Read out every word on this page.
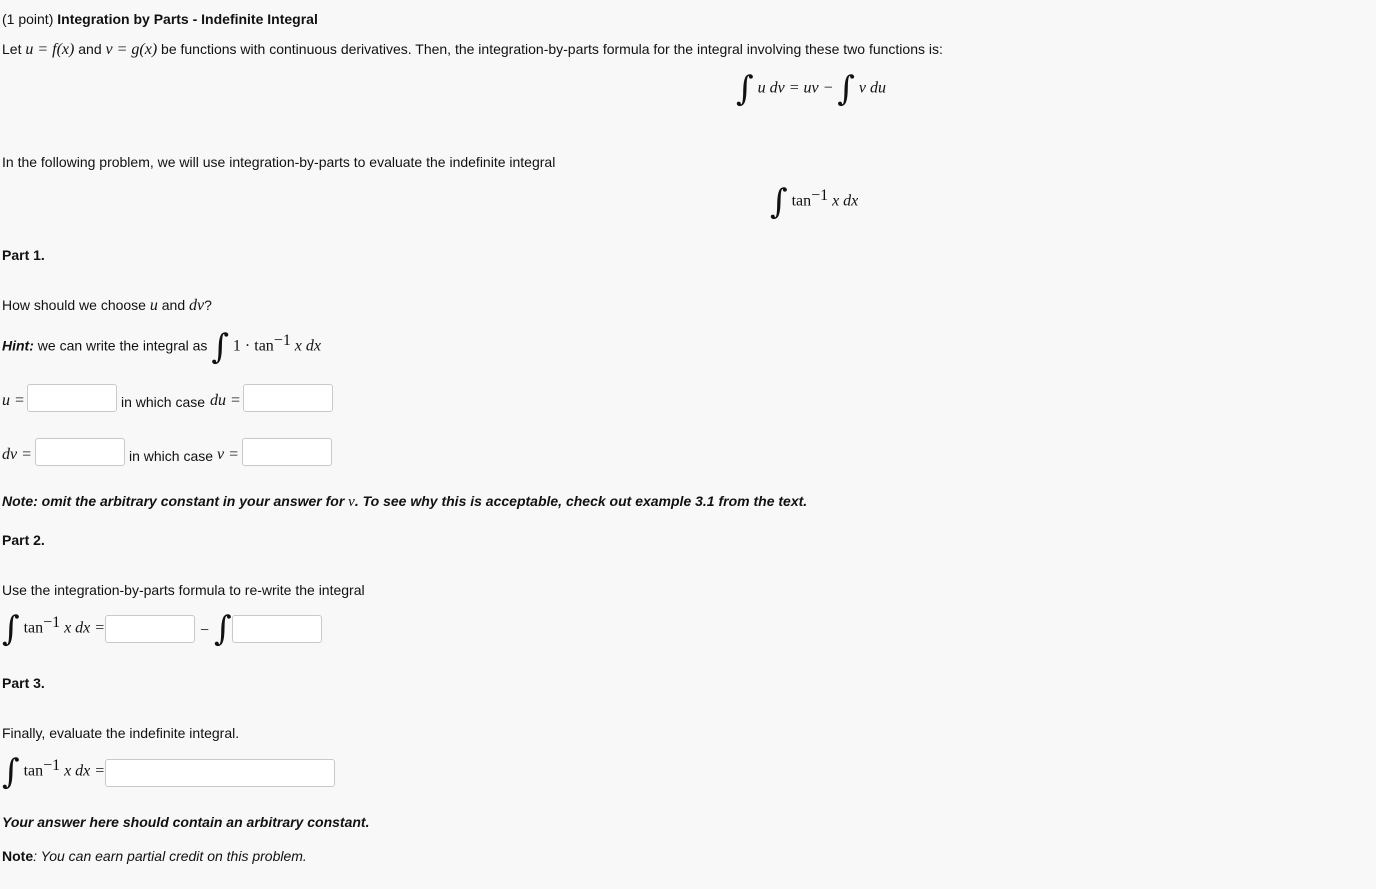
(1 point) Integration by Parts - Indefinite Integral
Let u = f(x) and v = g(x) be functions with continuous derivatives. Then, the integration-by-parts formula for the integral involving these two functions is:
∫ u dv = uv − ∫ v du
In the following problem, we will use integration-by-parts to evaluate the indefinite integral
∫ $\tan^{-1} x$ dx
Part 1.
How should we choose u and dv?
Hint: we can write the integral as ∫ $1 \cdot \tan^{-1} x$ dx
u =	in which case du =
dv =	in which case v =
Note: omit the arbitrary constant in your answer for v. To see why this is acceptable, check out example 3.1 from the text.
Part 2.
Use the integration-by-parts formula to re-write the integral
∫ $\tan^{-1} x$ dx =	− ∫
Part 3.
Finally, evaluate the indefinite integral.
∫ $\tan^{-1} x$ dx =
Your answer here should contain an arbitrary constant.
Note: You can earn partial credit on this problem.
